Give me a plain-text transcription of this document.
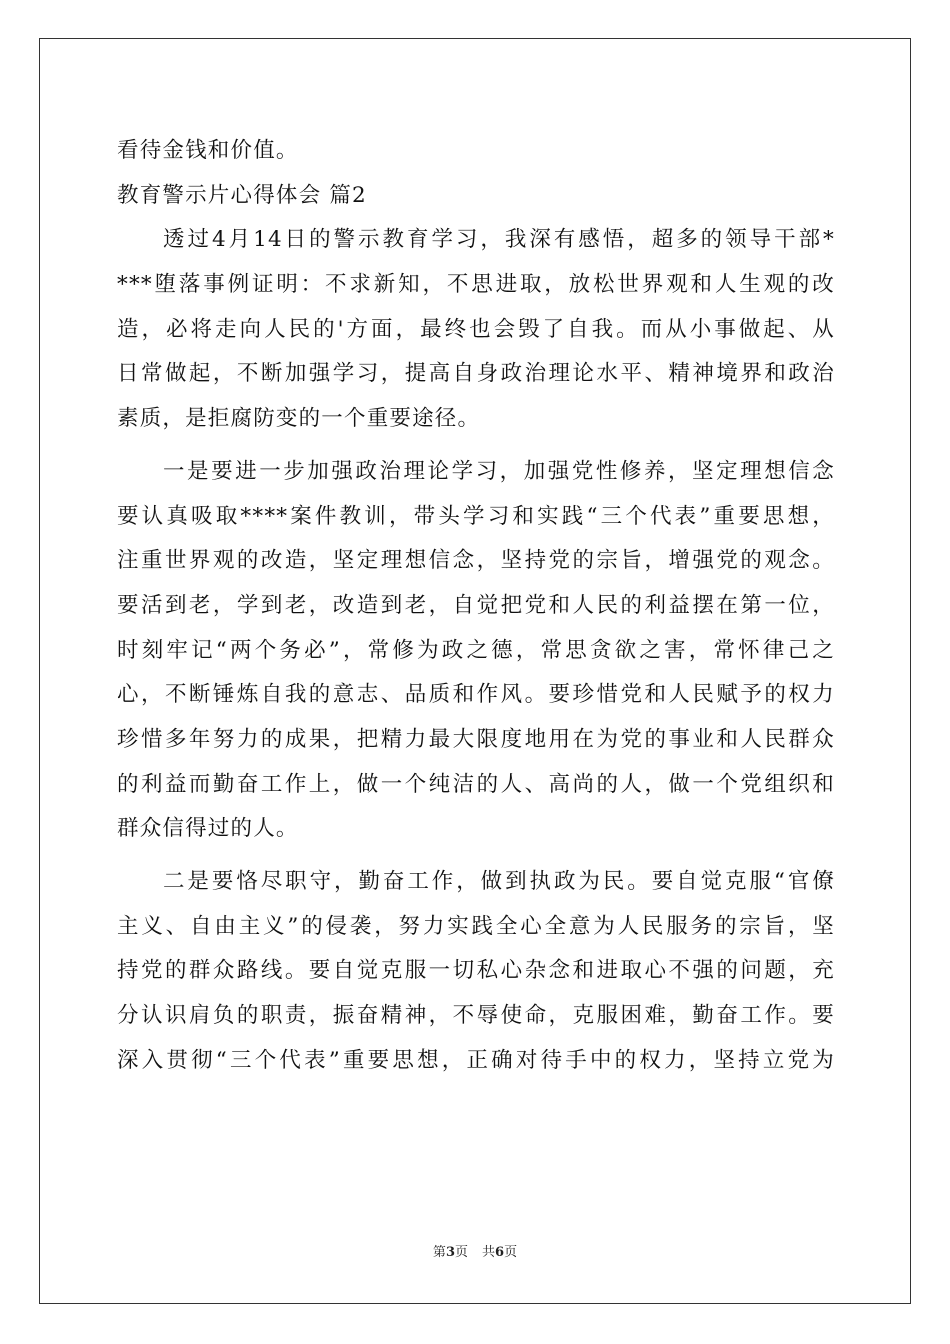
看待金钱和价值。
教育警示片心得体会 篇2
透过4月14日的警示教育学习，我深有感悟，超多的领导干部*
***堕落事例证明：不求新知，不思进取，放松世界观和人生观的改
造，必将走向人民的'方面，最终也会毁了自我。而从小事做起、从
日常做起，不断加强学习，提高自身政治理论水平、精神境界和政治
素质，是拒腐防变的一个重要途径。
一是要进一步加强政治理论学习，加强党性修养，坚定理想信念
要认真吸取****案件教训，带头学习和实践“三个代表”重要思想，
注重世界观的改造，坚定理想信念，坚持党的宗旨，增强党的观念。
要活到老，学到老，改造到老，自觉把党和人民的利益摆在第一位，
时刻牢记“两个务必”，常修为政之德，常思贪欲之害，常怀律己之
心，不断锤炼自我的意志、品质和作风。要珍惜党和人民赋予的权力
珍惜多年努力的成果，把精力最大限度地用在为党的事业和人民群众
的利益而勤奋工作上，做一个纯洁的人、高尚的人，做一个党组织和
群众信得过的人。
二是要恪尽职守，勤奋工作，做到执政为民。要自觉克服“官僚
主义、自由主义”的侵袭，努力实践全心全意为人民服务的宗旨，坚
持党的群众路线。要自觉克服一切私心杂念和进取心不强的问题，充
分认识肩负的职责，振奋精神，不辱使命，克服困难，勤奋工作。要
深入贯彻“三个代表”重要思想，正确对待手中的权力，坚持立党为
第3页 共6页
